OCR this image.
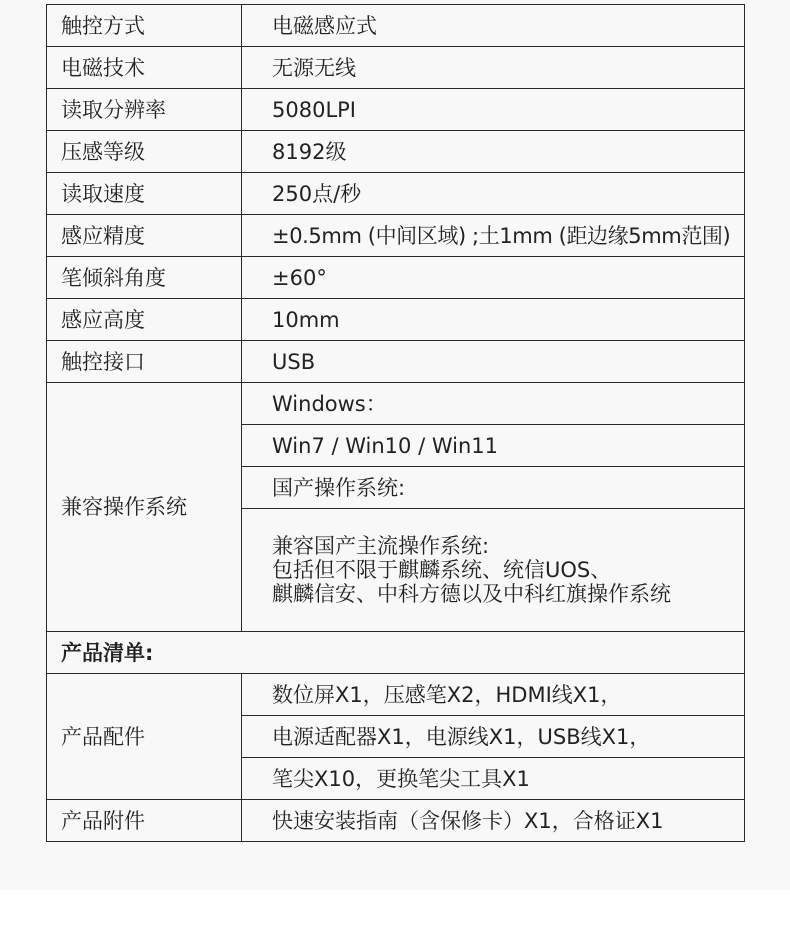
触控方式	电磁感应式
电磁技术	无源无线
读取分辨率	5080LPI
压感等级	8192级
读取速度	250点/秒
感应精度	±0.5mm (中间区域) ;土1mm (距边缘5mm范围)
笔倾斜角度	±60°
感应高度	10mm
触控接口	USB
兼容操作系统	Windows：
	Win7 / Win10 / Win11
	国产操作系统:

	兼容国产主流操作系统:
包括但不限于麒麟系统、统信UOS、
麒麟信安、中科方德以及中科红旗操作系统

产品清单:	
产品配件	数位屏X1，压感笔X2，HDMI线X1，
	电源适配器X1，电源线X1，USB线X1，
	笔尖X10，更换笔尖工具X1
产品附件	快速安装指南（含保修卡）X1，合格证X1
